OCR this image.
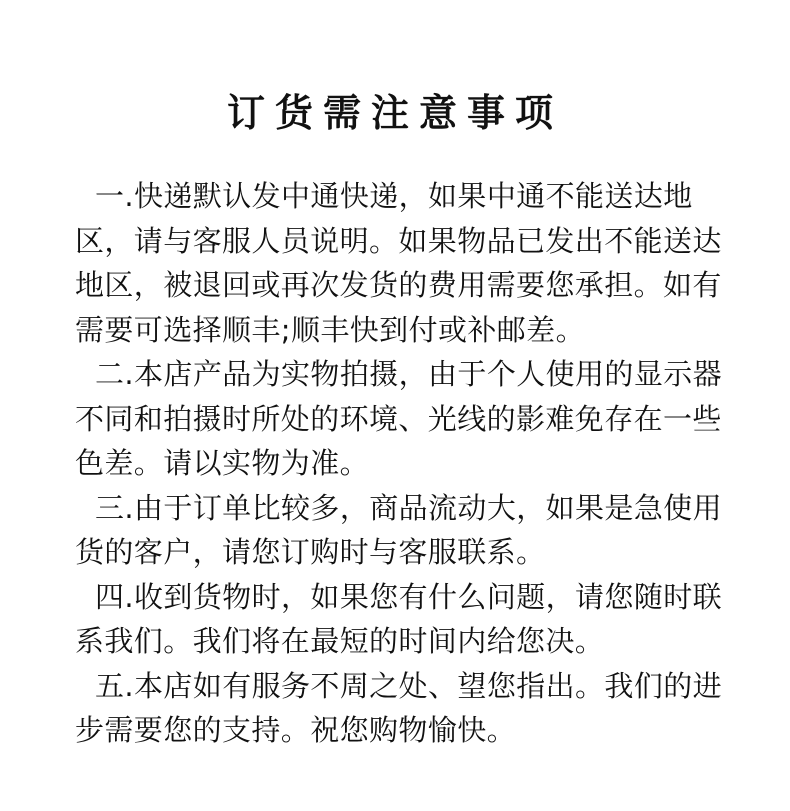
订货需注意事项

一.快递默认发中通快递，如果中通不能送达地区，请与客服人员说明。如果物品已发出不能送达地区，被退回或再次发货的费用需要您承担。如有需要可选择顺丰;顺丰快到付或补邮差。

二.本店产品为实物拍摄，由于个人使用的显示器不同和拍摄时所处的环境、光线的影难免存在一些色差。请以实物为准。

三.由于订单比较多，商品流动大，如果是急使用货的客户，请您订购时与客服联系。

四.收到货物时，如果您有什么问题，请您随时联系我们。我们将在最短的时间内给您决。

五.本店如有服务不周之处、望您指出。我们的进步需要您的支持。祝您购物愉快。
